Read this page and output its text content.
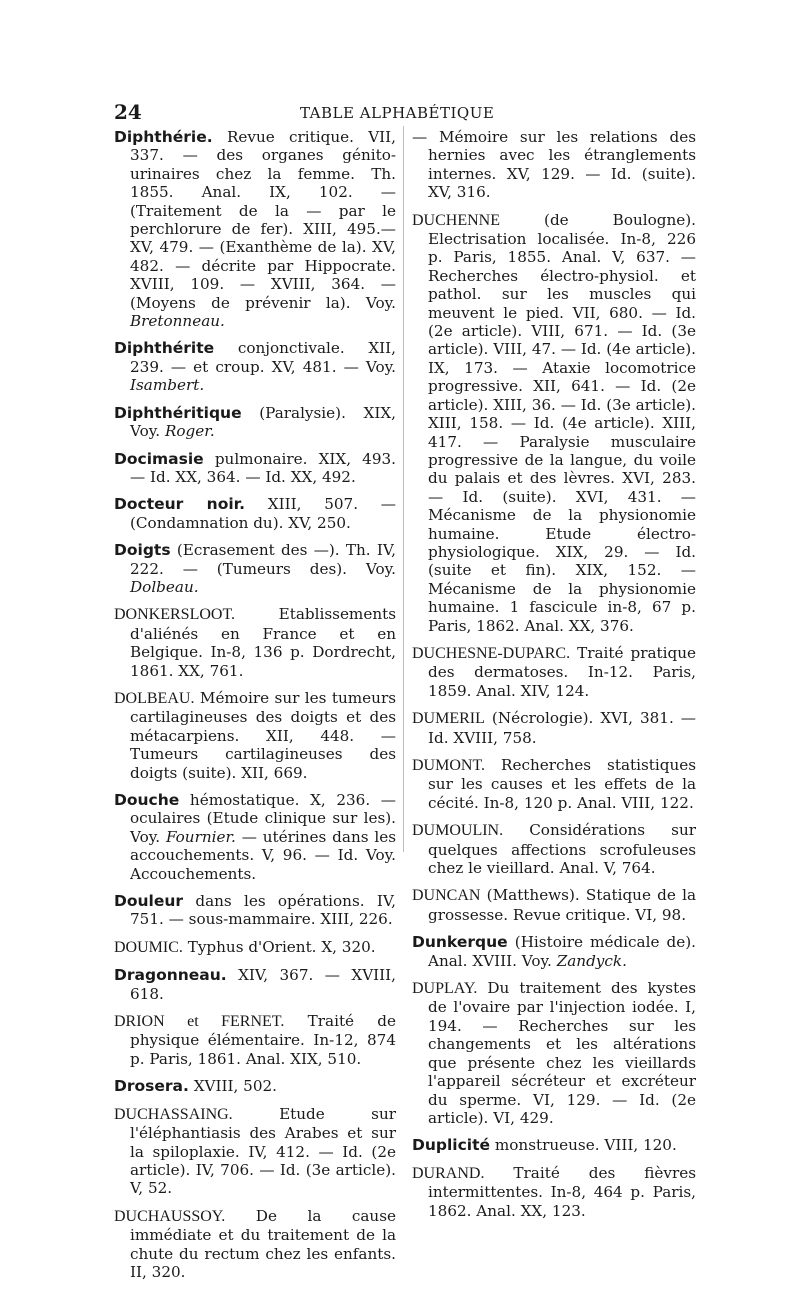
24	TABLE ALPHABÉTIQUE
Diphthérie. Revue critique. VII, 337. — des organes génito-urinaires chez la femme. Th. 1855. Anal. IX, 102. — (Traitement de la — par le perchlorure de fer). XIII, 495.— XV, 479. — (Exanthème de la). XV, 482. — décrite par Hippocrate. XVIII, 109. — XVIII, 364. — (Moyens de prévenir la). Voy. Bretonneau.
Diphthérite conjonctivale. XII, 239. — et croup. XV, 481. — Voy. Isambert.
Diphthéritique (Paralysie). XIX, Voy. Roger.
Docimasie pulmonaire. XIX, 493. — Id. XX, 364. — Id. XX, 492.
Docteur noir. XIII, 507. — (Condamnation du). XV, 250.
Doigts (Ecrasement des —). Th. IV, 222. — (Tumeurs des). Voy. Dolbeau.
DONKERSLOOT.	Etablissements d'aliénés en France et en Belgique. In-8, 136 p. Dordrecht, 1861. XX, 761.
DOLBEAU. Mémoire sur les tumeurs cartilagineuses des doigts et des métacarpiens. XII, 448. — Tumeurs cartilagineuses des doigts (suite). XII, 669.
Douche hémostatique. X, 236. — oculaires (Etude clinique sur les). Voy. Fournier. — utérines dans les accouchements. V, 96. — Id. Voy. Accouchements.
Douleur dans les opérations. IV, 751. — sous-mammaire. XIII, 226.
DOUMIC. Typhus d'Orient. X, 320.
Dragonneau. XIV, 367. — XVIII, 618.
DRION et FERNET. Traité de physique élémentaire. In-12, 874 p. Paris, 1861. Anal. XIX, 510.
Drosera. XVIII, 502.
DUCHASSAING.	Etude sur l'éléphantiasis des Arabes et sur la spiloplaxie. IV, 412. — Id. (2e article). IV, 706. — Id. (3e article). V, 52.
DUCHAUSSOY. De la cause immédiate et du traitement de la chute du rectum chez les enfants. II, 320.
— Mémoire sur les relations des hernies avec les étranglements internes. XV, 129. — Id. (suite). XV, 316.
DUCHENNE	(de Boulogne). Electrisation localisée. In-8, 226 p. Paris, 1855. Anal. V, 637. — Recherches électro-physiol. et pathol. sur les muscles qui meuvent le pied. VII, 680. — Id. (2e article). VIII, 671. — Id. (3e article). VIII, 47. — Id. (4e article). IX, 173. — Ataxie locomotrice progressive. XII, 641. — Id. (2e article). XIII, 36. — Id. (3e article). XIII, 158. — Id. (4e article). XIII, 417. — Paralysie musculaire progressive de la langue, du voile du palais et des lèvres. XVI, 283. — Id. (suite). XVI, 431. — Mécanisme de la physionomie humaine. Etude électro-physiologique. XIX, 29. — Id. (suite et fin). XIX, 152. — Mécanisme de la physionomie humaine. 1 fascicule in-8, 67 p. Paris, 1862. Anal. XX, 376.
DUCHESNE-DUPARC. Traité pratique des dermatoses. In-12. Paris, 1859. Anal. XIV, 124.
DUMERIL (Nécrologie). XVI, 381. — Id. XVIII, 758.
DUMONT. Recherches statistiques sur les causes et les effets de la cécité. In-8, 120 p. Anal. VIII, 122.
DUMOULIN. Considérations sur quelques affections scrofuleuses chez le vieillard. Anal. V, 764.
DUNCAN (Matthews). Statique de la grossesse. Revue critique. VI, 98.
Dunkerque (Histoire médicale de). Anal. XVIII. Voy. Zandyck.
DUPLAY. Du traitement des kystes de l'ovaire par l'injection iodée. I, 194. — Recherches sur les changements et les altérations que présente chez les vieillards l'appareil sécréteur et excréteur du sperme. VI, 129. — Id. (2e article). VI, 429.
Duplicité monstrueuse. VIII, 120.
DURAND. Traité des fièvres intermittentes. In-8, 464 p. Paris, 1862. Anal. XX, 123.
